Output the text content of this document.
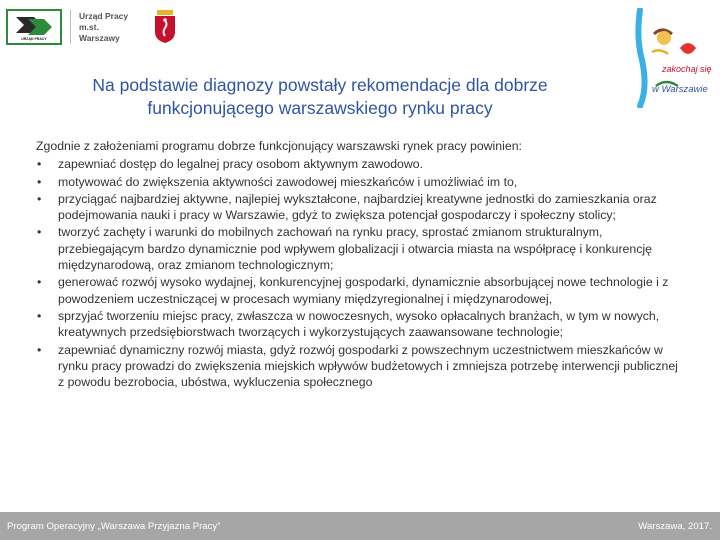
URZĄD PRACY
Urząd Pracy
m.st. Warszawy
zakochaj się
w Warszawie
Na podstawie diagnozy powstały rekomendacje dla dobrze
funkcjonującego warszawskiego rynku pracy
Zgodnie z założeniami programu dobrze funkcjonujący warszawski rynek pracy powinien:
• zapewniać dostęp do legalnej pracy osobom aktywnym zawodowo.
• motywować do zwiększenia aktywności zawodowej mieszkańców i umożliwiać im to,
• przyciągać najbardziej aktywne, najlepiej wykształcone, najbardziej kreatywne jednostki do zamieszkania oraz podejmowania nauki i pracy w Warszawie, gdyż to zwiększa potencjał gospodarczy i społeczny stolicy;
• tworzyć zachęty i warunki do mobilnych zachowań na rynku pracy, sprostać zmianom strukturalnym, przebiegającym bardzo dynamicznie pod wpływem globalizacji i otwarcia miasta na współpracę i konkurencję międzynarodową, oraz zmianom technologicznym;
• generować rozwój wysoko wydajnej, konkurencyjnej gospodarki, dynamicznie absorbującej nowe technologie i z powodzeniem uczestniczącej w procesach wymiany międzyregionalnej i międzynarodowej,
• sprzyjać tworzeniu miejsc pracy, zwłaszcza w nowoczesnych, wysoko opłacalnych branżach, w tym w nowych, kreatywnych przedsiębiorstwach tworzących i wykorzystujących zaawansowane technologie;
• zapewniać dynamiczny rozwój miasta, gdyż rozwój gospodarki z powszechnym uczestnictwem mieszkańców w rynku pracy prowadzi do zwiększenia miejskich wpływów budżetowych i zmniejsza potrzebę interwencji publicznej z powodu bezrobocia, ubóstwa, wykluczenia społecznego
Program Operacyjny „Warszawa Przyjazna Pracy”	Warszawa, 2017.
